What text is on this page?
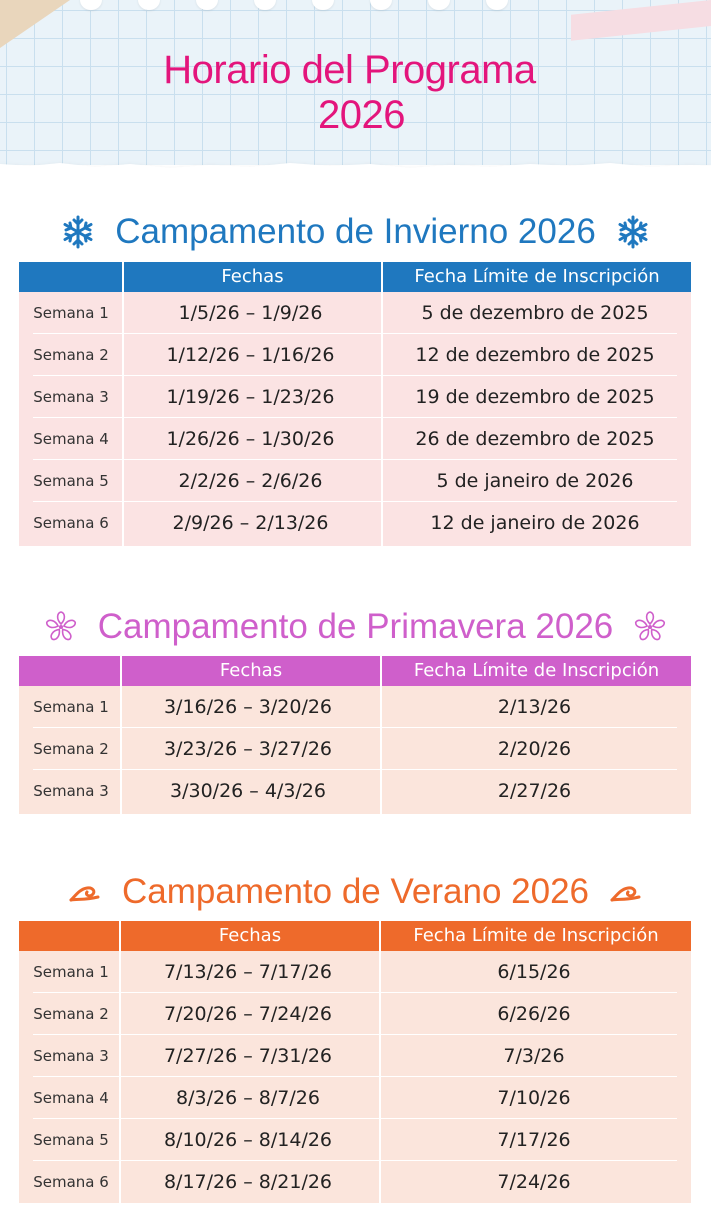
Horario del Programa
2026
Campamento de Invierno 2026
Fechas	Fecha Límite de Inscripción
Semana 1	1/5/26 – 1/9/26	5 de dezembro de 2025
Semana 2	1/12/26 – 1/16/26	12 de dezembro de 2025
Semana 3	1/19/26 – 1/23/26	19 de dezembro de 2025
Semana 4	1/26/26 – 1/30/26	26 de dezembro de 2025
Semana 5	2/2/26 – 2/6/26	5 de janeiro de 2026
Semana 6	2/9/26 – 2/13/26	12 de janeiro de 2026
Campamento de Primavera 2026
Fechas	Fecha Límite de Inscripción
Semana 1	3/16/26 – 3/20/26	2/13/26
Semana 2	3/23/26 – 3/27/26	2/20/26
Semana 3	3/30/26 – 4/3/26	2/27/26
Campamento de Verano 2026
Fechas	Fecha Límite de Inscripción
Semana 1	7/13/26 – 7/17/26	6/15/26
Semana 2	7/20/26 – 7/24/26	6/26/26
Semana 3	7/27/26 – 7/31/26	7/3/26
Semana 4	8/3/26 – 8/7/26	7/10/26
Semana 5	8/10/26 – 8/14/26	7/17/26
Semana 6	8/17/26 – 8/21/26	7/24/26
